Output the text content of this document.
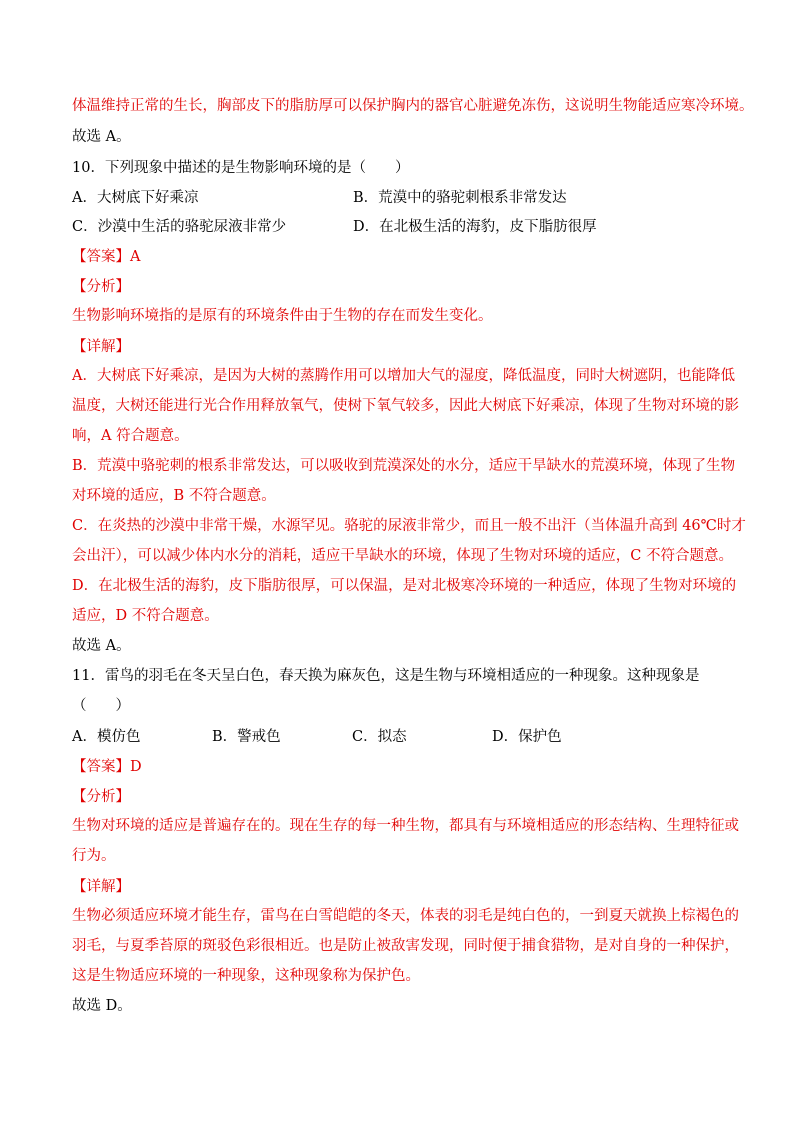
体温维持正常的生长，胸部皮下的脂肪厚可以保护胸内的器官心脏避免冻伤，这说明生物能适应寒冷环境。
故选 A。
10．下列现象中描述的是生物影响环境的是（　　）
A．大树底下好乘凉	B．荒漠中的骆驼刺根系非常发达
C．沙漠中生活的骆驼尿液非常少	D．在北极生活的海豹，皮下脂肪很厚
【答案】A
【分析】
生物影响环境指的是原有的环境条件由于生物的存在而发生变化。
【详解】
A．大树底下好乘凉，是因为大树的蒸腾作用可以增加大气的湿度，降低温度，同时大树遮阴，也能降低
温度，大树还能进行光合作用释放氧气，使树下氧气较多，因此大树底下好乘凉，体现了生物对环境的影
响，A 符合题意。
B．荒漠中骆驼刺的根系非常发达，可以吸收到荒漠深处的水分，适应干旱缺水的荒漠环境，体现了生物
对环境的适应，B 不符合题意。
C．在炎热的沙漠中非常干燥，水源罕见。骆驼的尿液非常少，而且一般不出汗（当体温升高到 46℃时才
会出汗），可以减少体内水分的消耗，适应干旱缺水的环境，体现了生物对环境的适应，C 不符合题意。
D．在北极生活的海豹，皮下脂肪很厚，可以保温，是对北极寒冷环境的一种适应，体现了生物对环境的
适应，D 不符合题意。
故选 A。
11．雷鸟的羽毛在冬天呈白色，春天换为麻灰色，这是生物与环境相适应的一种现象。这种现象是
（　　）
A．模仿色	B．警戒色	C．拟态	D．保护色
【答案】D
【分析】
生物对环境的适应是普遍存在的。现在生存的每一种生物，都具有与环境相适应的形态结构、生理特征或
行为。
【详解】
生物必须适应环境才能生存，雷鸟在白雪皑皑的冬天，体表的羽毛是纯白色的，一到夏天就换上棕褐色的
羽毛，与夏季苔原的斑驳色彩很相近。也是防止被敌害发现，同时便于捕食猎物，是对自身的一种保护，
这是生物适应环境的一种现象，这种现象称为保护色。
故选 D。
